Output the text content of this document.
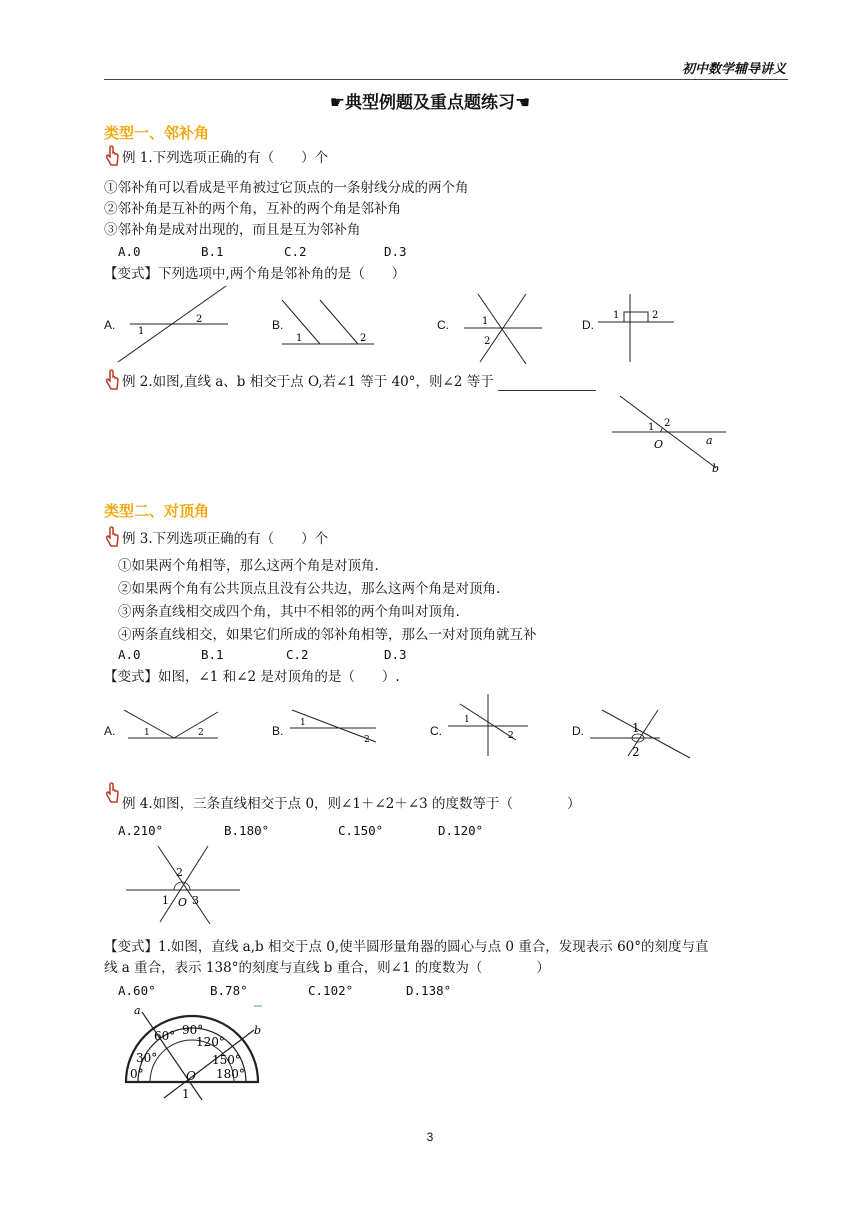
初中数学辅导讲义
☛典型例题及重点题练习☚
类型一、邻补角
例 1.下列选项正确的有（　　）个
①邻补角可以看成是平角被过它顶点的一条射线分成的两个角
②邻补角是互补的两个角，互补的两个角是邻补角
③邻补角是成对出现的，而且是互为邻补角
A.0	B.1	C.2	D.3
【变式】下列选项中,两个角是邻补角的是（　　）
A.	B.	C.	D.
1
2
1	2
1
2
1	2
例 2.如图,直线 a、b 相交于点 O,若∠1 等于 40°，则∠2 等于
1 2
O	a
b
类型二、对顶角
例 3.下列选项正确的有（　　）个
①如果两个角相等，那么这两个角是对顶角.
②如果两个角有公共顶点且没有公共边，那么这两个角是对顶角.
③两条直线相交成四个角，其中不相邻的两个角叫对顶角.
④两条直线相交，如果它们所成的邻补角相等，那么一对对顶角就互补
A.0	B.1	C.2	D.3
【变式】如图，∠1 和∠2 是对顶角的是（　　）.
A.	B.	C.	D.
1	2
1
2
1
2
1
2
例 4.如图，三条直线相交于点 0，则∠1＋∠2＋∠3 的度数等于（　　　　）
A.210°	B.180°	C.150°	D.120°
2
1 O 3
【变式】1.如图，直线 a,b 相交于点 0,使半圆形量角器的圆心与点 0 重合，发现表示 60°的刻度与直
线 a 重合，表示 138°的刻度与直线 b 重合，则∠1 的度数为（　　　　）
A.60°	B.78°	C.102°	D.138°
a
b
60° 90°
120°
30°	150°
0°	180°
O
1
3
